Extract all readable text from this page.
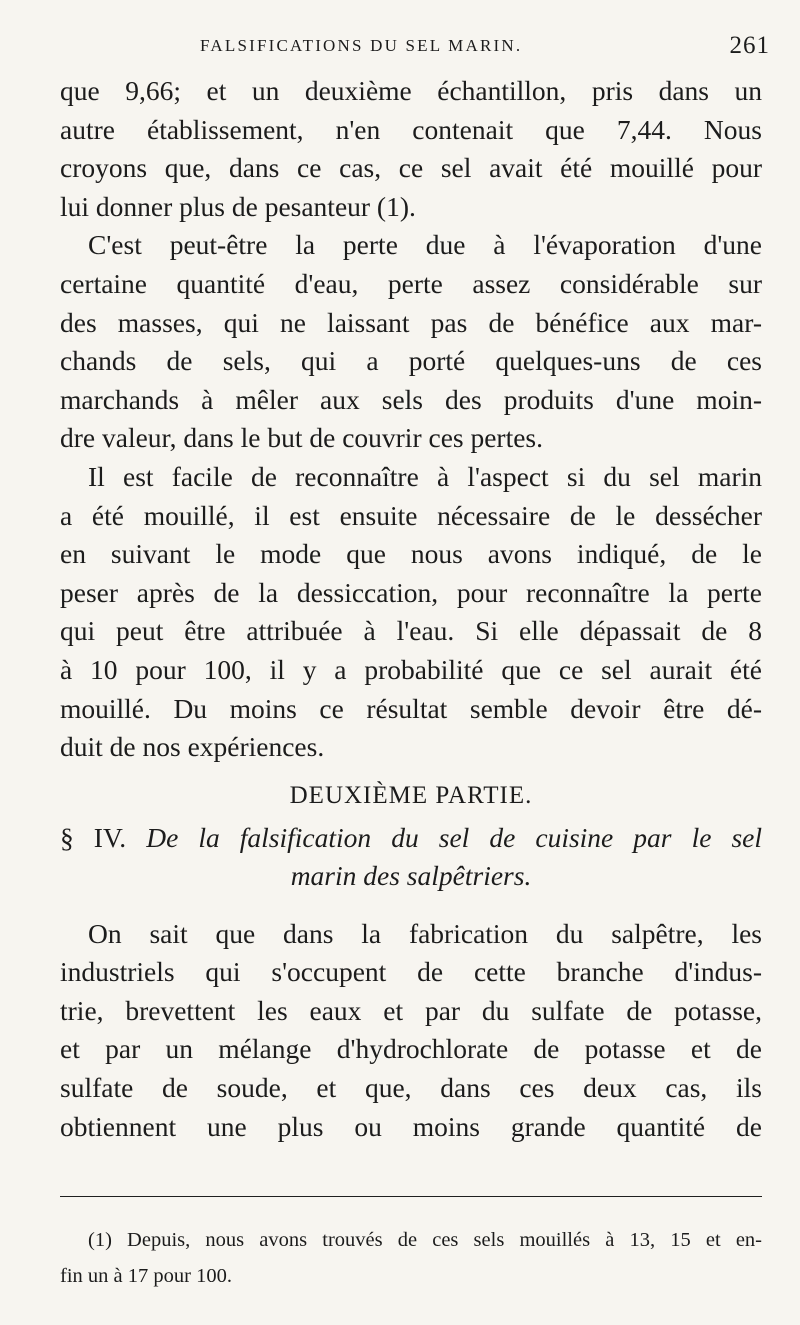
FALSIFICATIONS DU SEL MARIN.	261
que 9,66; et un deuxième échantillon, pris dans un
autre établissement, n'en contenait que 7,44. Nous
croyons que, dans ce cas, ce sel avait été mouillé pour
lui donner plus de pesanteur (1).
C'est peut-être la perte due à l'évaporation d'une
certaine quantité d'eau, perte assez considérable sur
des masses, qui ne laissant pas de bénéfice aux mar-
chands de sels, qui a porté quelques-uns de ces
marchands à mêler aux sels des produits d'une moin-
dre valeur, dans le but de couvrir ces pertes.
Il est facile de reconnaître à l'aspect si du sel marin
a été mouillé, il est ensuite nécessaire de le dessécher
en suivant le mode que nous avons indiqué, de le
peser après de la dessiccation, pour reconnaître la perte
qui peut être attribuée à l'eau. Si elle dépassait de 8
à 10 pour 100, il y a probabilité que ce sel aurait été
mouillé. Du moins ce résultat semble devoir être dé-
duit de nos expériences.
DEUXIÈME PARTIE.
§ IV. De la falsification du sel de cuisine par le sel
marin des salpêtriers.
On sait que dans la fabrication du salpêtre, les
industriels qui s'occupent de cette branche d'indus-
trie, brevettent les eaux et par du sulfate de potasse,
et par un mélange d'hydrochlorate de potasse et de
sulfate de soude, et que, dans ces deux cas, ils
obtiennent une plus ou moins grande quantité de
(1) Depuis, nous avons trouvés de ces sels mouillés à 13, 15 et en-
fin un à 17 pour 100.
